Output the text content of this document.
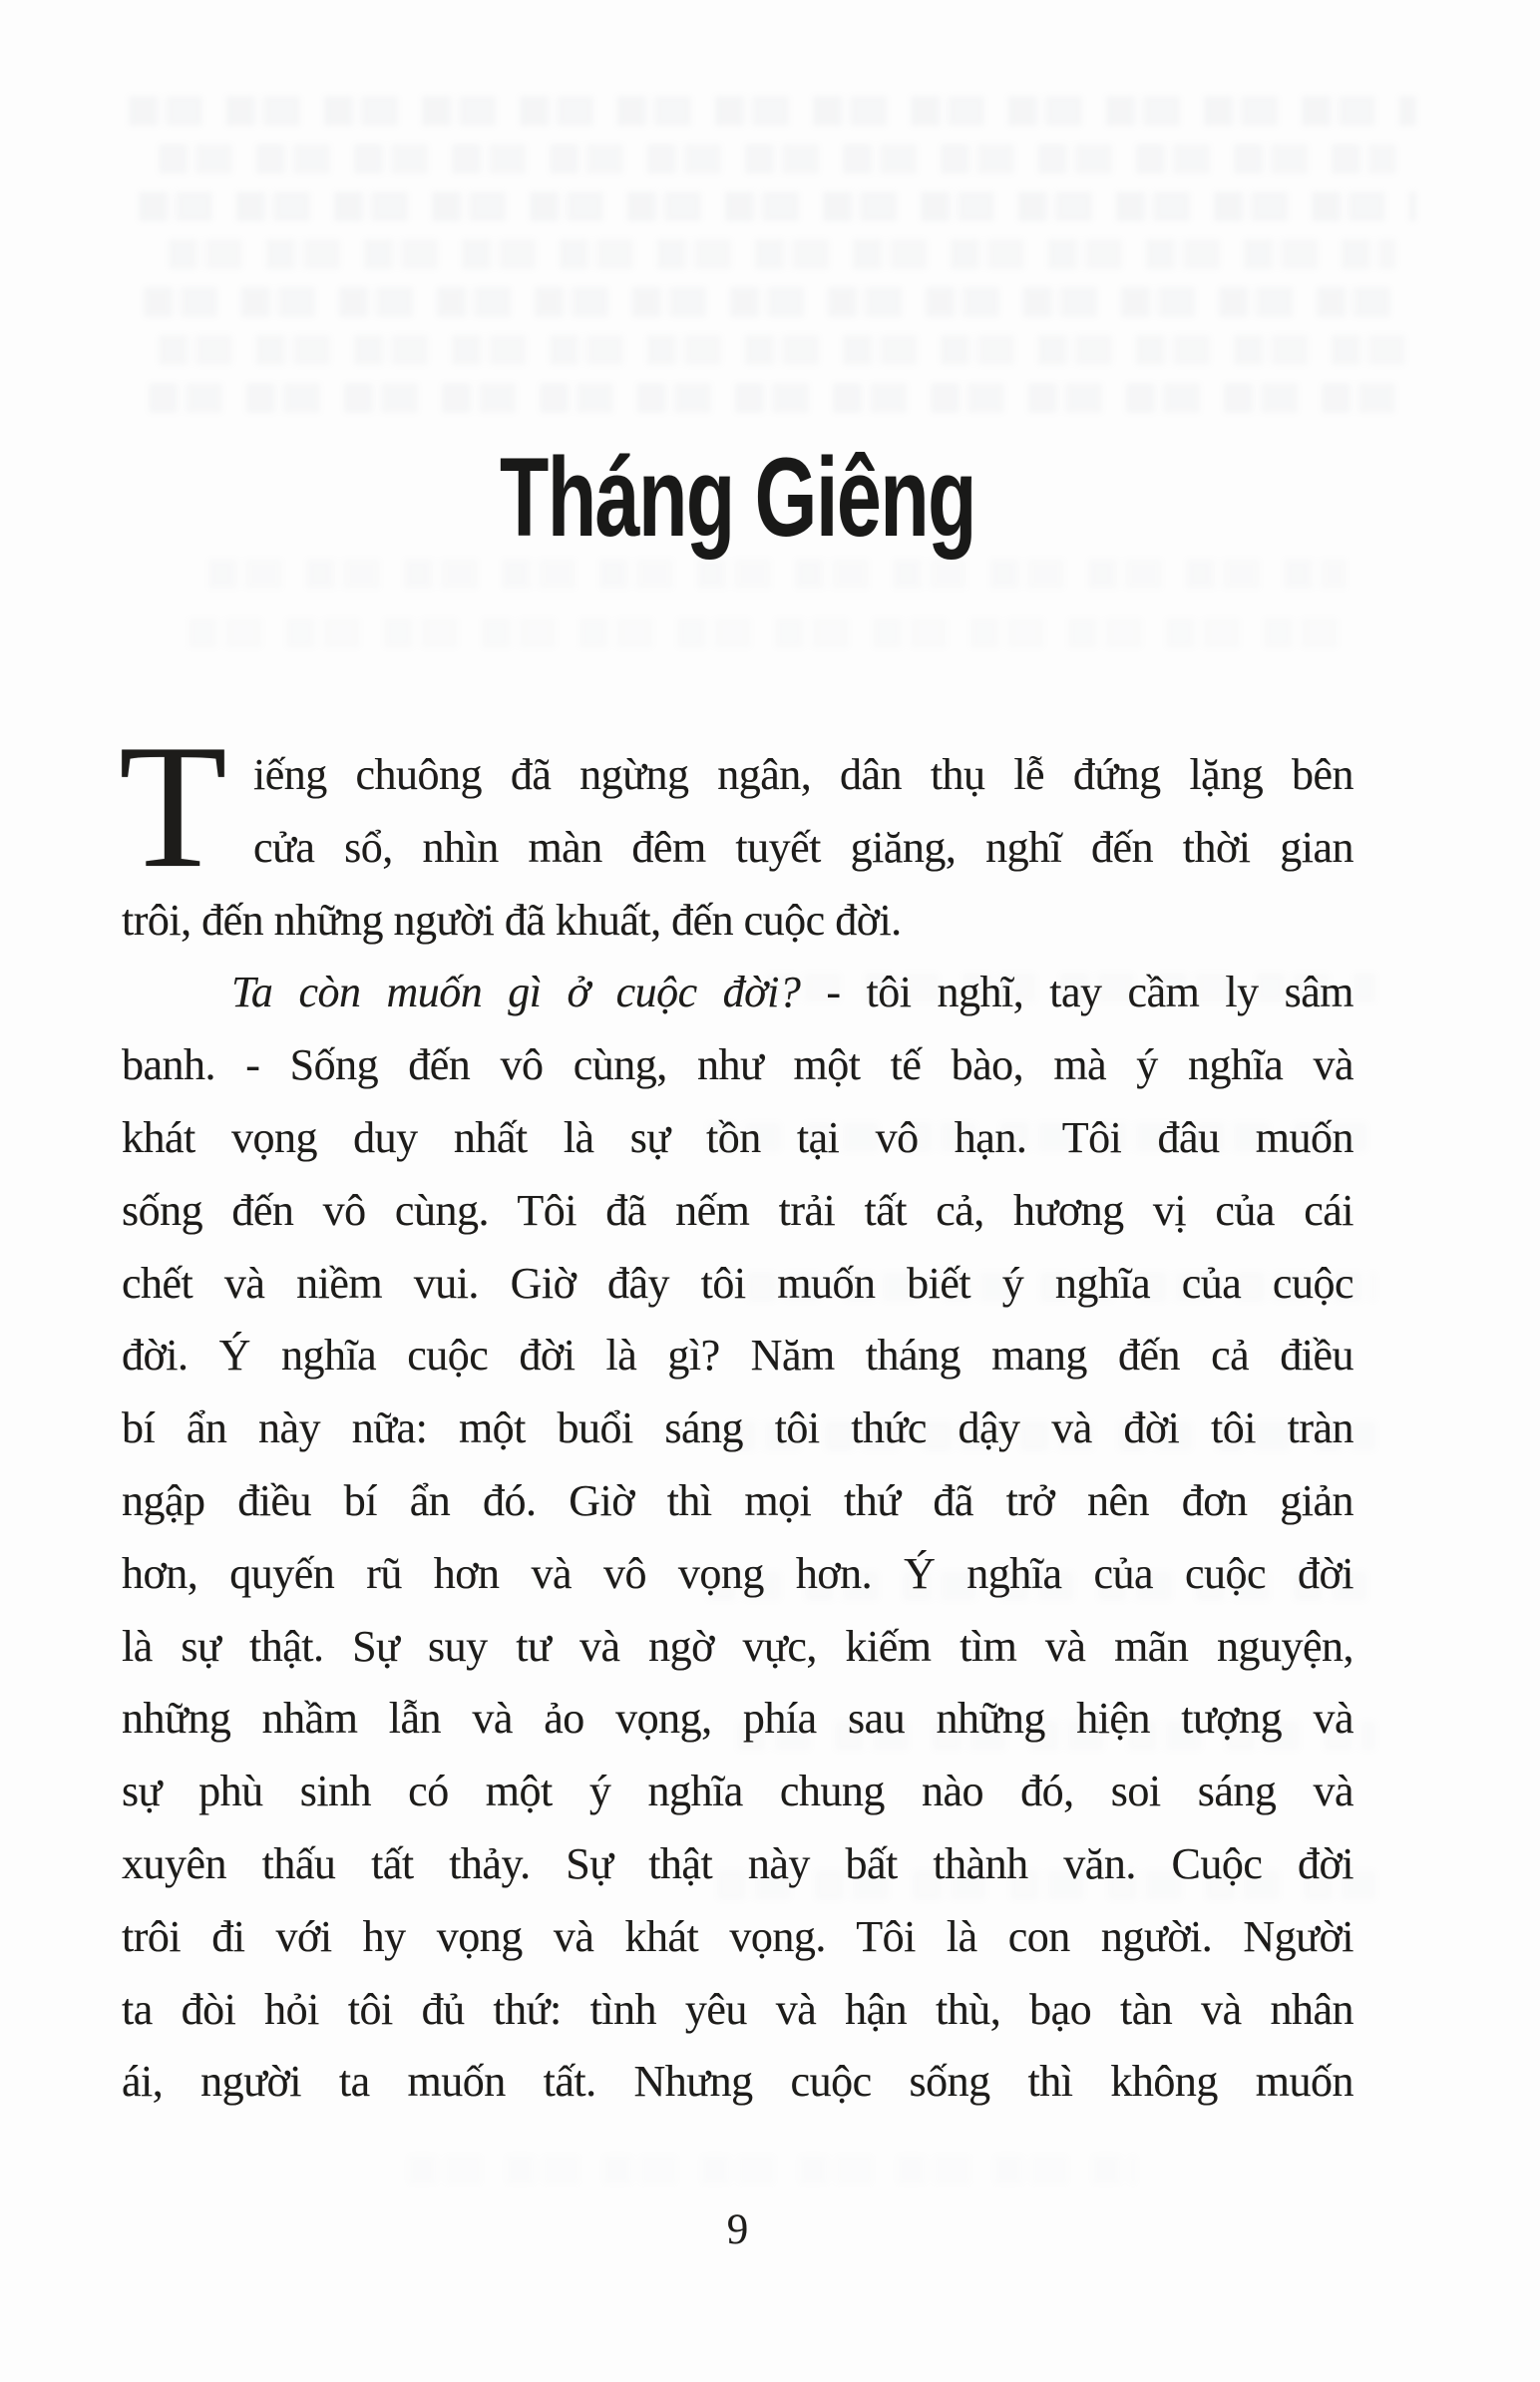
Tháng Giêng
T iếng chuông đã ngừng ngân, dân thụ lễ đứng lặng bên
cửa sổ, nhìn màn đêm tuyết giăng, nghĩ đến thời gian
trôi, đến những người đã khuất, đến cuộc đời.
Ta còn muốn gì ở cuộc đời? - tôi nghĩ, tay cầm ly sâm
banh. - Sống đến vô cùng, như một tế bào, mà ý nghĩa và
khát vọng duy nhất là sự tồn tại vô hạn. Tôi đâu muốn
sống đến vô cùng. Tôi đã nếm trải tất cả, hương vị của cái
chết và niềm vui. Giờ đây tôi muốn biết ý nghĩa của cuộc
đời. Ý nghĩa cuộc đời là gì? Năm tháng mang đến cả điều
bí ẩn này nữa: một buổi sáng tôi thức dậy và đời tôi tràn
ngập điều bí ẩn đó. Giờ thì mọi thứ đã trở nên đơn giản
hơn, quyến rũ hơn và vô vọng hơn. Ý nghĩa của cuộc đời
là sự thật. Sự suy tư và ngờ vực, kiếm tìm và mãn nguyện,
những nhầm lẫn và ảo vọng, phía sau những hiện tượng và
sự phù sinh có một ý nghĩa chung nào đó, soi sáng và
xuyên thấu tất thảy. Sự thật này bất thành văn. Cuộc đời
trôi đi với hy vọng và khát vọng. Tôi là con người. Người
ta đòi hỏi tôi đủ thứ: tình yêu và hận thù, bạo tàn và nhân
ái, người ta muốn tất. Nhưng cuộc sống thì không muốn
9
